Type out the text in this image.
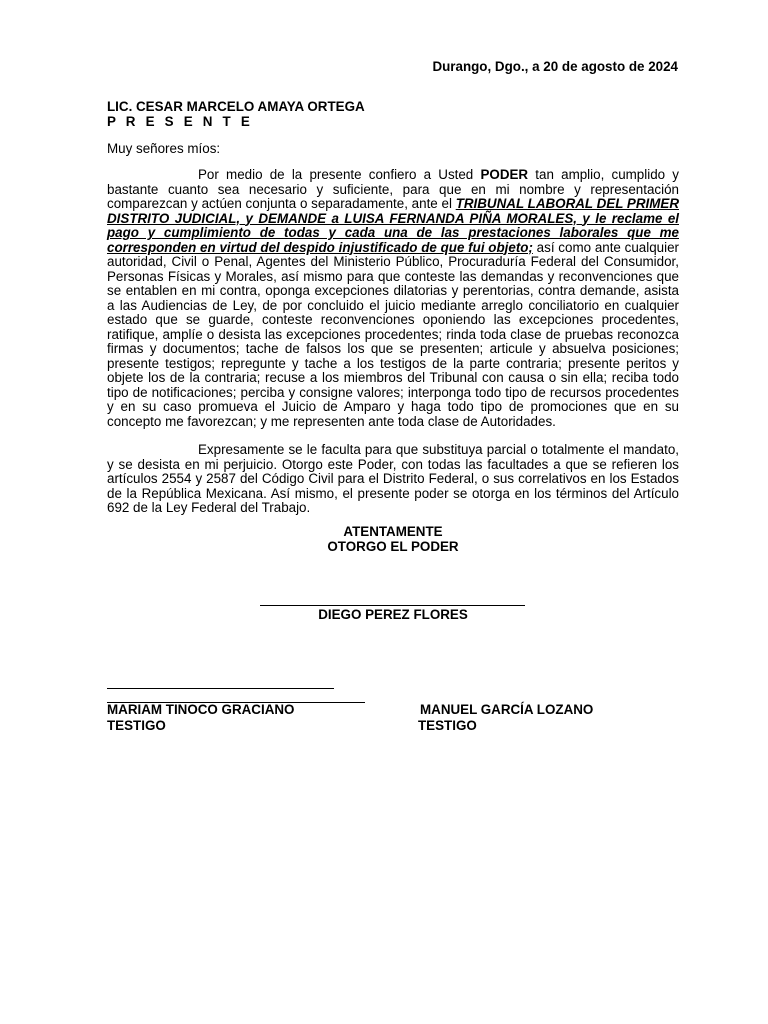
Durango, Dgo., a 20 de agosto de 2024
LIC. CESAR MARCELO AMAYA ORTEGA
P R E S E N T E
Muy señores míos:

Por medio de la presente confiero a Usted PODER tan amplio, cumplido y bastante cuanto sea necesario y suficiente, para que en mi nombre y representación comparezcan y actúen conjunta o separadamente, ante el TRIBUNAL LABORAL DEL PRIMER DISTRITO JUDICIAL, y DEMANDE a LUISA FERNANDA PIÑA MORALES, y le reclame el pago y cumplimiento de todas y cada una de las prestaciones laborales que me corresponden en virtud del despido injustificado de que fui objeto; así como ante cualquier autoridad, Civil o Penal, Agentes del Ministerio Público, Procuraduría Federal del Consumidor, Personas Físicas y Morales, así mismo para que conteste las demandas y reconvenciones que se entablen en mi contra, oponga excepciones dilatorias y perentorias, contra demande, asista a las Audiencias de Ley, de por concluido el juicio mediante arreglo conciliatorio en cualquier estado que se guarde, conteste reconvenciones oponiendo las excepciones procedentes, ratifique, amplíe o desista las excepciones procedentes; rinda toda clase de pruebas reconozca firmas y documentos; tache de falsos los que se presenten; articule y absuelva posiciones; presente testigos; repregunte y tache a los testigos de la parte contraria; presente peritos y objete los de la contraria; recuse a los miembros del Tribunal con causa o sin ella; reciba todo tipo de notificaciones; perciba y consigne valores; interponga todo tipo de recursos procedentes y en su caso promueva el Juicio de Amparo y haga todo tipo de promociones que en su concepto me favorezcan; y me representen ante toda clase de Autoridades.

Expresamente se le faculta para que substituya parcial o totalmente el mandato, y se desista en mi perjuicio. Otorgo este Poder, con todas las facultades a que se refieren los artículos 2554 y 2587 del Código Civil para el Distrito Federal, o sus correlativos en los Estados de la República Mexicana. Así mismo, el presente poder se otorga en los términos del Artículo 692 de la Ley Federal del Trabajo.

ATENTAMENTE
OTORGO EL PODER
DIEGO PEREZ FLORES
MARIAM TINOCO GRACIANO
TESTIGO
MANUEL GARCÍA LOZANO
TESTIGO
